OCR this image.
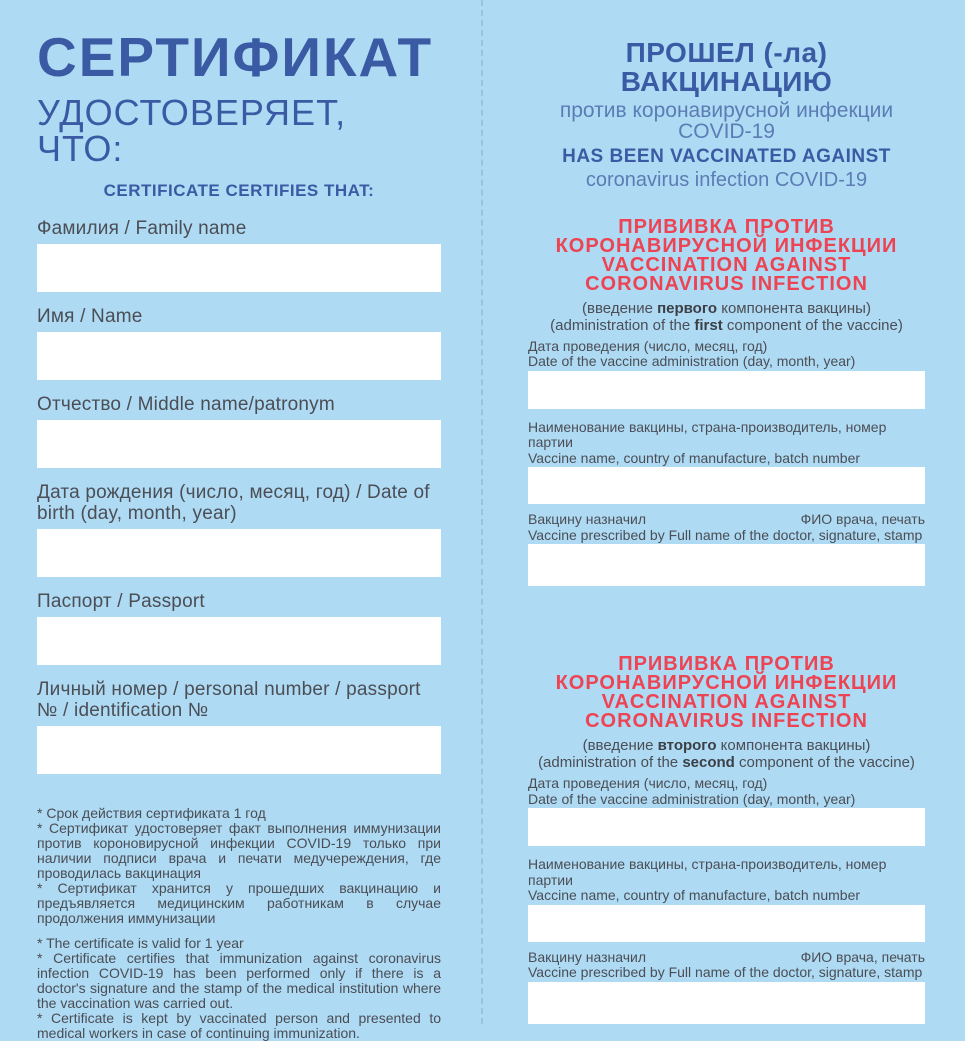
СЕРТИФИКАТ
УДОСТОВЕРЯЕТ, ЧТО:
CERTIFICATE CERTIFIES THAT:
Фамилия / Family name
Имя / Name
Отчество / Middle name/patronym
Дата рождения (число, месяц, год) / Date of birth (day, month, year)
Паспорт / Passport
Личный номер / personal number / passport № / identification №

* Срок действия сертификата 1 год

* Сертификат удостоверяет факт выполнения иммунизации против короновирусной инфекции COVID-19 только при наличии подписи врача и печати медучереждения, где проводилась вакцинация

* Сертификат хранится у прошедших вакцинацию и предъявляется медицинским работникам в случае продолжения иммунизации

* The certificate is valid for 1 year

* Certificate certifies that immunization against coronavirus infection COVID-19 has been performed only if there is a doctor's signature and the stamp of the medical institution where the vaccination was carried out.

* Certificate is kept by vaccinated person and presented to medical workers in case of continuing immunization.

ПРОШЕЛ (-ла) ВАКЦИНАЦИЮ
против коронавирусной инфекции COVID-19
HAS BEEN VACCINATED AGAINST
coronavirus infection COVID-19
ПРИВИВКА ПРОТИВ
КОРОНАВИРУСНОЙ ИНФЕКЦИИ
VACCINATION AGAINST
CORONAVIRUS INFECTION

(введение первого компонента вакцины)

(administration of the first component of the vaccine)

Дата проведения (число, месяц, год)
Date of the vaccine administration (day, month, year)
Наименование вакцины, страна-производитель, номер партии
Vaccine name, country of manufacture, batch number
Вакцину назначил	ФИО врача, печать
Vaccine prescribed by Full name of the doctor, signature, stamp
ПРИВИВКА ПРОТИВ
КОРОНАВИРУСНОЙ ИНФЕКЦИИ
VACCINATION AGAINST
CORONAVIRUS INFECTION

(введение второго компонента вакцины)

(administration of the second component of the vaccine)

Дата проведения (число, месяц, год)
Date of the vaccine administration (day, month, year)
Наименование вакцины, страна-производитель, номер партии
Vaccine name, country of manufacture, batch number
Вакцину назначил	ФИО врача, печать
Vaccine prescribed by Full name of the doctor, signature, stamp
